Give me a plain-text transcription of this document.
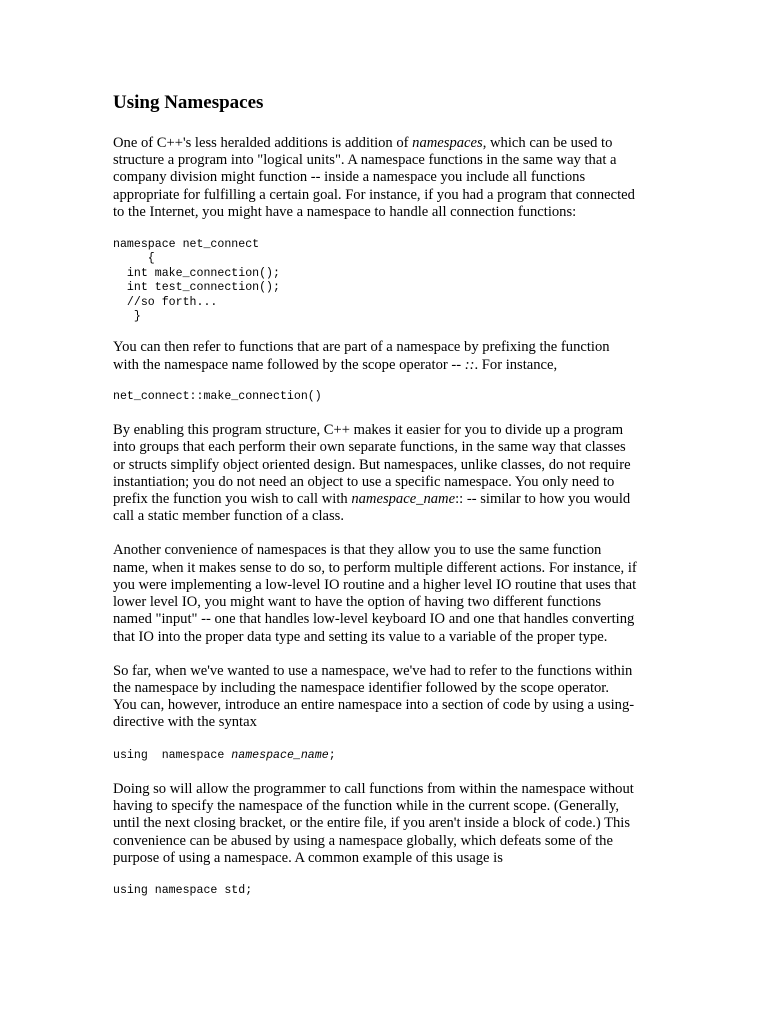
Using Namespaces

One of C++'s less heralded additions is addition of namespaces, which can be used to
structure a program into "logical units". A namespace functions in the same way that a
company division might function -- inside a namespace you include all functions
appropriate for fulfilling a certain goal. For instance, if you had a program that connected
to the Internet, you might have a namespace to handle all connection functions:

namespace net_connect
{
int make_connection();
int test_connection();
//so forth...
}

You can then refer to functions that are part of a namespace by prefixing the function
with the namespace name followed by the scope operator -- ::. For instance,

net_connect::make_connection()

By enabling this program structure, C++ makes it easier for you to divide up a program
into groups that each perform their own separate functions, in the same way that classes
or structs simplify object oriented design. But namespaces, unlike classes, do not require
instantiation; you do not need an object to use a specific namespace. You only need to
prefix the function you wish to call with namespace_name:: -- similar to how you would
call a static member function of a class.

Another convenience of namespaces is that they allow you to use the same function
name, when it makes sense to do so, to perform multiple different actions. For instance, if
you were implementing a low-level IO routine and a higher level IO routine that uses that
lower level IO, you might want to have the option of having two different functions
named "input" -- one that handles low-level keyboard IO and one that handles converting
that IO into the proper data type and setting its value to a variable of the proper type.

So far, when we've wanted to use a namespace, we've had to refer to the functions within
the namespace by including the namespace identifier followed by the scope operator.
You can, however, introduce an entire namespace into a section of code by using a using-
directive with the syntax

using  namespace namespace_name;

Doing so will allow the programmer to call functions from within the namespace without
having to specify the namespace of the function while in the current scope. (Generally,
until the next closing bracket, or the entire file, if you aren't inside a block of code.) This
convenience can be abused by using a namespace globally, which defeats some of the
purpose of using a namespace. A common example of this usage is

using namespace std;
